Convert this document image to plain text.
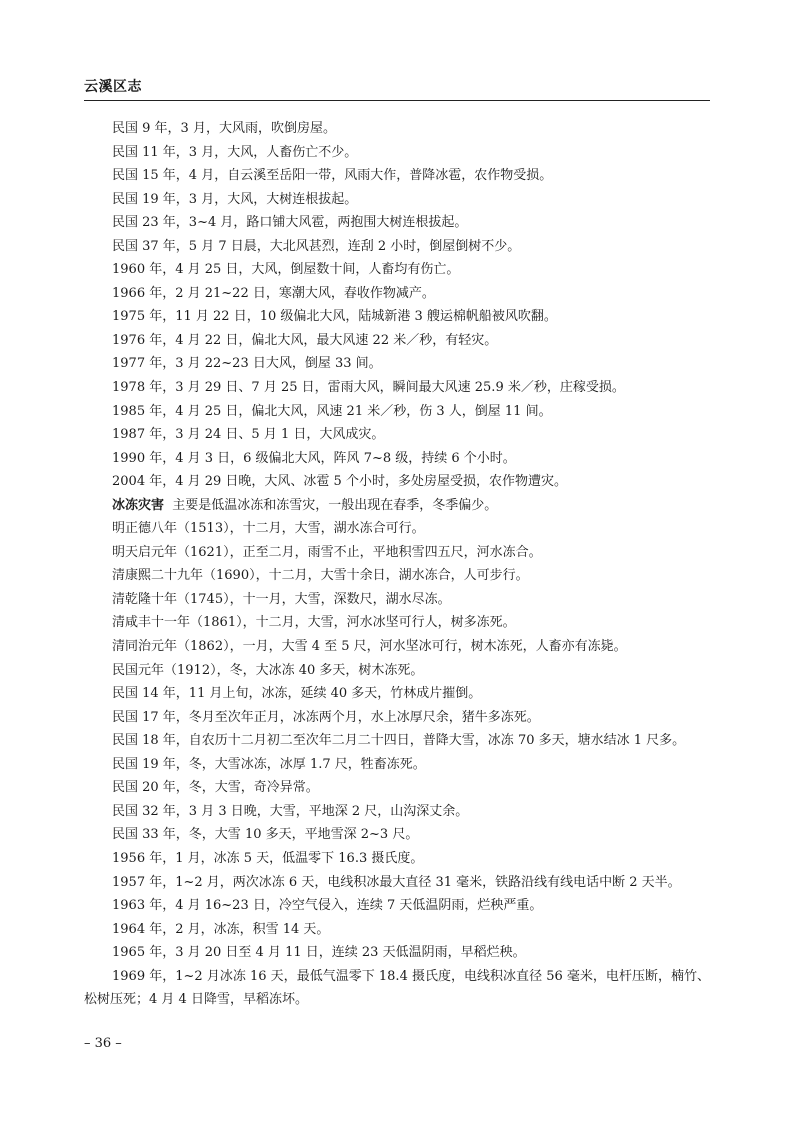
云溪区志

民国 9 年，3 月，大风雨，吹倒房屋。

民国 11 年，3 月，大风，人畜伤亡不少。

民国 15 年，4 月，自云溪至岳阳一带，风雨大作，普降冰雹，农作物受损。

民国 19 年，3 月，大风，大树连根拔起。

民国 23 年，3~4 月，路口铺大风雹，两抱围大树连根拔起。

民国 37 年，5 月 7 日晨，大北风甚烈，连刮 2 小时，倒屋倒树不少。

1960 年，4 月 25 日，大风，倒屋数十间，人畜均有伤亡。

1966 年，2 月 21~22 日，寒潮大风，春收作物减产。

1975 年，11 月 22 日，10 级偏北大风，陆城新港 3 艘运棉帆船被风吹翻。

1976 年，4 月 22 日，偏北大风，最大风速 22 米／秒，有轻灾。

1977 年，3 月 22~23 日大风，倒屋 33 间。

1978 年，3 月 29 日、7 月 25 日，雷雨大风，瞬间最大风速 25.9 米／秒，庄稼受损。

1985 年，4 月 25 日，偏北大风，风速 21 米／秒，伤 3 人，倒屋 11 间。

1987 年，3 月 24 日、5 月 1 日，大风成灾。

1990 年，4 月 3 日，6 级偏北大风，阵风 7~8 级，持续 6 个小时。

2004 年，4 月 29 日晚，大风、冰雹 5 个小时，多处房屋受损，农作物遭灾。

冰冻灾害 主要是低温冰冻和冻雪灾，一般出现在春季，冬季偏少。

明正德八年（1513），十二月，大雪，湖水冻合可行。

明天启元年（1621），正至二月，雨雪不止，平地积雪四五尺，河水冻合。

清康熙二十九年（1690），十二月，大雪十余日，湖水冻合，人可步行。

清乾隆十年（1745），十一月，大雪，深数尺，湖水尽冻。

清咸丰十一年（1861），十二月，大雪，河水冰坚可行人，树多冻死。

清同治元年（1862），一月，大雪 4 至 5 尺，河水坚冰可行，树木冻死，人畜亦有冻毙。

民国元年（1912），冬，大冰冻 40 多天，树木冻死。

民国 14 年，11 月上旬，冰冻，延续 40 多天，竹林成片摧倒。

民国 17 年，冬月至次年正月，冰冻两个月，水上冰厚尺余，猪牛多冻死。

民国 18 年，自农历十二月初二至次年二月二十四日，普降大雪，冰冻 70 多天，塘水结冰 1 尺多。

民国 19 年，冬，大雪冰冻，冰厚 1.7 尺，牲畜冻死。

民国 20 年，冬，大雪，奇冷异常。

民国 32 年，3 月 3 日晚，大雪，平地深 2 尺，山沟深丈余。

民国 33 年，冬，大雪 10 多天，平地雪深 2~3 尺。

1956 年，1 月，冰冻 5 天，低温零下 16.3 摄氏度。

1957 年，1~2 月，两次冰冻 6 天，电线积冰最大直径 31 毫米，铁路沿线有线电话中断 2 天半。

1963 年，4 月 16~23 日，冷空气侵入，连续 7 天低温阴雨，烂秧严重。

1964 年，2 月，冰冻，积雪 14 天。

1965 年，3 月 20 日至 4 月 11 日，连续 23 天低温阴雨，早稻烂秧。

1969 年，1~2 月冰冻 16 天，最低气温零下 18.4 摄氏度，电线积冰直径 56 毫米，电杆压断，楠竹、松树压死；4 月 4 日降雪，早稻冻坏。

– 36 –
